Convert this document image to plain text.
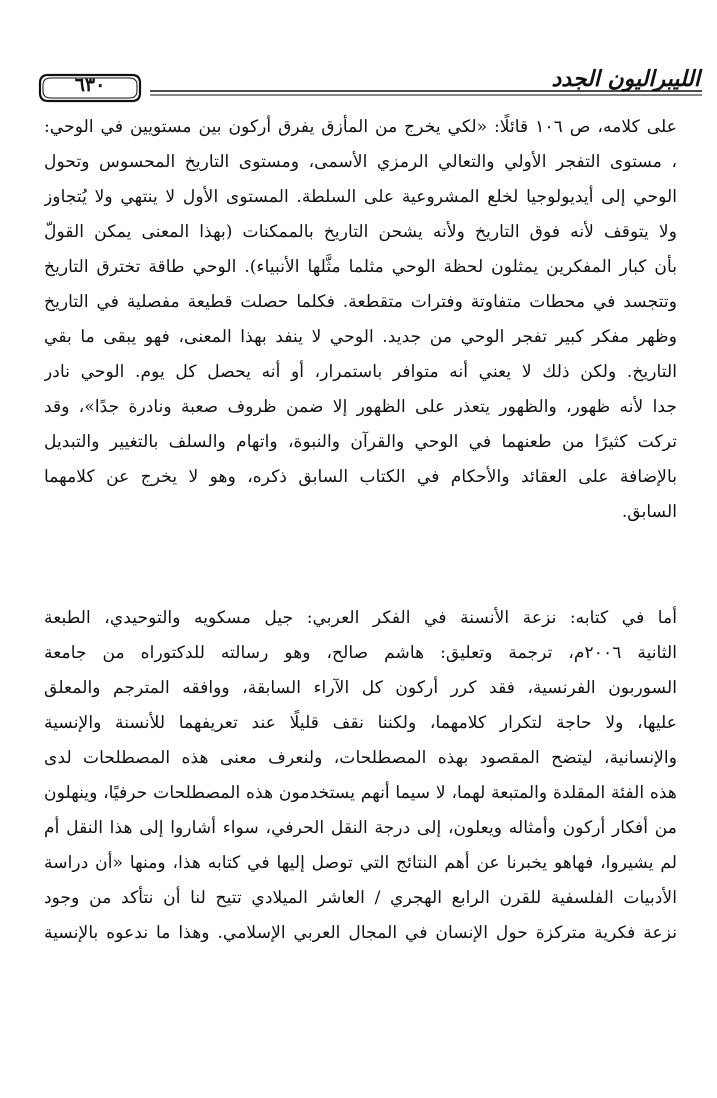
٦٣٠	الليبراليون الجدد
على كلامه، ص ١٠٦ قائلًا: «لكي يخرج من المأزق يفرق أركون بين مستويين في الوحي:
، مستوى التفجر الأولي والتعالي الرمزي الأسمى، ومستوى التاريخ المحسوس وتحول
الوحي إلى أيديولوجيا لخلع المشروعية على السلطة. المستوى الأول لا ينتهي ولا يُتجاوز
ولا يتوقف لأنه فوق التاريخ ولأنه يشحن التاريخ بالممكنات (بهذا المعنى يمكن القولّ
بأن كبار المفكرين يمثلون لحظة الوحي مثلما مثَّلها الأنبياء). الوحي طاقة تخترق التاريخ
وتتجسد في محطات متفاوتة وفترات متقطعة. فكلما حصلت قطيعة مفصلية في التاريخ
وظهر مفكر كبير تفجر الوحي من جديد. الوحي لا ينفد بهذا المعنى، فهو يبقى ما بقي
التاريخ. ولكن ذلك لا يعني أنه متوافر باستمرار، أو أنه يحصل كل يوم. الوحي نادر
جدا لأنه ظهور، والظهور يتعذر على الظهور إلا ضمن ظروف صعبة ونادرة جدًا»، وقد
تركت كثيرًا من طعنهما في الوحي والقرآن والنبوة، واتهام والسلف بالتغيير والتبديل
بالإضافة على العقائد والأحكام في الكتاب السابق ذكره، وهو لا يخرج عن كلامهما
السابق.
أما في كتابه: نزعة الأنسنة في الفكر العربي: جيل مسكويه والتوحيدي، الطبعة
الثانية ٢٠٠٦م، ترجمة وتعليق: هاشم صالح، وهو رسالته للدكتوراه من جامعة
السوربون الفرنسية، فقد كرر أركون كل الآراء السابقة، ووافقه المترجم والمعلق
عليها، ولا حاجة لتكرار كلامهما، ولكننا نقف قليلًا عند تعريفهما للأنسنة والإنسية
والإنسانية، ليتضح المقصود بهذه المصطلحات، ولنعرف معنى هذه المصطلحات لدى
هذه الفئة المقلدة والمتبعة لهما، لا سيما أنهم يستخدمون هذه المصطلحات حرفيًا، وينهلون
من أفكار أركون وأمثاله ويعلون، إلى درجة النقل الحرفي، سواء أشاروا إلى هذا النقل أم
لم يشيروا، فهاهو يخبرنا عن أهم النتائج التي توصل إليها في كتابه هذا، ومنها «أن دراسة
الأدبيات الفلسفية للقرن الرابع الهجري / العاشر الميلادي تتيح لنا أن نتأكد من وجود
نزعة فكرية متركزة حول الإنسان في المجال العربي الإسلامي. وهذا ما ندعوه بالإنسية
